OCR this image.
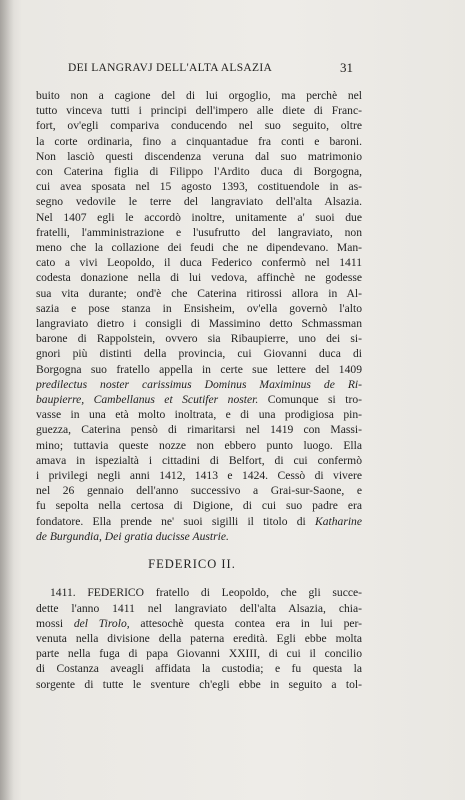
DEI LANGRAVJ DELL'ALTA ALSAZIA	31
buito non a cagione del di lui orgoglio, ma perchè nel
tutto vinceva tutti i principi dell'impero alle diete di Franc-
fort, ov'egli compariva conducendo nel suo seguito, oltre
la corte ordinaria, fino a cinquantadue fra conti e baroni.
Non lasciò questi discendenza veruna dal suo matrimonio
con Caterina figlia di Filippo l'Ardito duca di Borgogna,
cui avea sposata nel 15 agosto 1393, costituendole in as-
segno vedovile le terre del langraviato dell'alta Alsazia.
Nel 1407 egli le accordò inoltre, unitamente a' suoi due
fratelli, l'amministrazione e l'usufrutto del langraviato, non
meno che la collazione dei feudi che ne dipendevano. Man-
cato a vivi Leopoldo, il duca Federico confermò nel 1411
codesta donazione nella di lui vedova, affinchè ne godesse
sua vita durante; ond'è che Caterina ritirossi allora in Al-
sazia e pose stanza in Ensisheim, ov'ella governò l'alto
langraviato dietro i consigli di Massimino detto Schmassman
barone di Rappolstein, ovvero sia Ribaupierre, uno dei si-
gnori più distinti della provincia, cui Giovanni duca di
Borgogna suo fratello appella in certe sue lettere del 1409
predilectus noster carissimus Dominus Maximinus de Ri-
baupierre, Cambellanus et Scutifer noster. Comunque si tro-
vasse in una età molto inoltrata, e di una prodigiosa pin-
guezza, Caterina pensò di rimaritarsi nel 1419 con Massi-
mino; tuttavia queste nozze non ebbero punto luogo. Ella
amava in ispezialtà i cittadini di Belfort, di cui confermò
i privilegi negli anni 1412, 1413 e 1424. Cessò di vivere
nel 26 gennaio dell'anno successivo a Grai-sur-Saone, e
fu sepolta nella certosa di Digione, di cui suo padre era
fondatore. Ella prende ne' suoi sigilli il titolo di Katharine
de Burgundia, Dei gratia ducisse Austrie.
FEDERICO II.
1411. FEDERICO fratello di Leopoldo, che gli succe-
dette l'anno 1411 nel langraviato dell'alta Alsazia, chia-
mossi del Tirolo, attesochè questa contea era in lui per-
venuta nella divisione della paterna eredità. Egli ebbe molta
parte nella fuga di papa Giovanni XXIII, di cui il concilio
di Costanza aveagli affidata la custodia; e fu questa la
sorgente di tutte le sventure ch'egli ebbe in seguito a tol-
